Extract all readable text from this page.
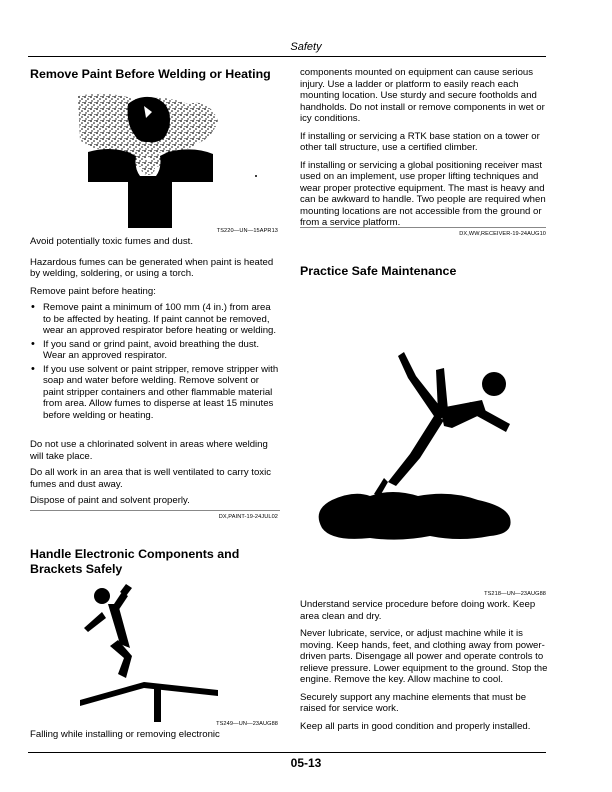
Safety
Remove Paint Before Welding or Heating
TS220—UN—15APR13

Avoid potentially toxic fumes and dust.

Hazardous fumes can be generated when paint is heated by welding, soldering, or using a torch.

Remove paint before heating:

• Remove paint a minimum of 100 mm (4 in.) from area to be affected by heating. If paint cannot be removed, wear an approved respirator before heating or welding.
• If you sand or grind paint, avoid breathing the dust. Wear an approved respirator.
• If you use solvent or paint stripper, remove stripper with soap and water before welding. Remove solvent or paint stripper containers and other flammable material from area. Allow fumes to disperse at least 15 minutes before welding or heating.

Do not use a chlorinated solvent in areas where welding will take place.

Do all work in an area that is well ventilated to carry toxic fumes and dust away.

Dispose of paint and solvent properly.

DX,PAINT-19-24JUL02
Handle Electronic Components and Brackets Safely
TS249—UN—23AUG88

Falling while installing or removing electronic

components mounted on equipment can cause serious injury. Use a ladder or platform to easily reach each mounting location. Use sturdy and secure footholds and handholds. Do not install or remove components in wet or icy conditions.

If installing or servicing a RTK base station on a tower or other tall structure, use a certified climber.

If installing or servicing a global positioning receiver mast used on an implement, use proper lifting techniques and wear proper protective equipment. The mast is heavy and can be awkward to handle. Two people are required when mounting locations are not accessible from the ground or from a service platform.

DX,WW,RECEIVER-19-24AUG10
Practice Safe Maintenance
TS218—UN—23AUG88

Understand service procedure before doing work. Keep area clean and dry.

Never lubricate, service, or adjust machine while it is moving. Keep hands, feet, and clothing away from power-driven parts. Disengage all power and operate controls to relieve pressure. Lower equipment to the ground. Stop the engine. Remove the key. Allow machine to cool.

Securely support any machine elements that must be raised for service work.

Keep all parts in good condition and properly installed.

05-13
